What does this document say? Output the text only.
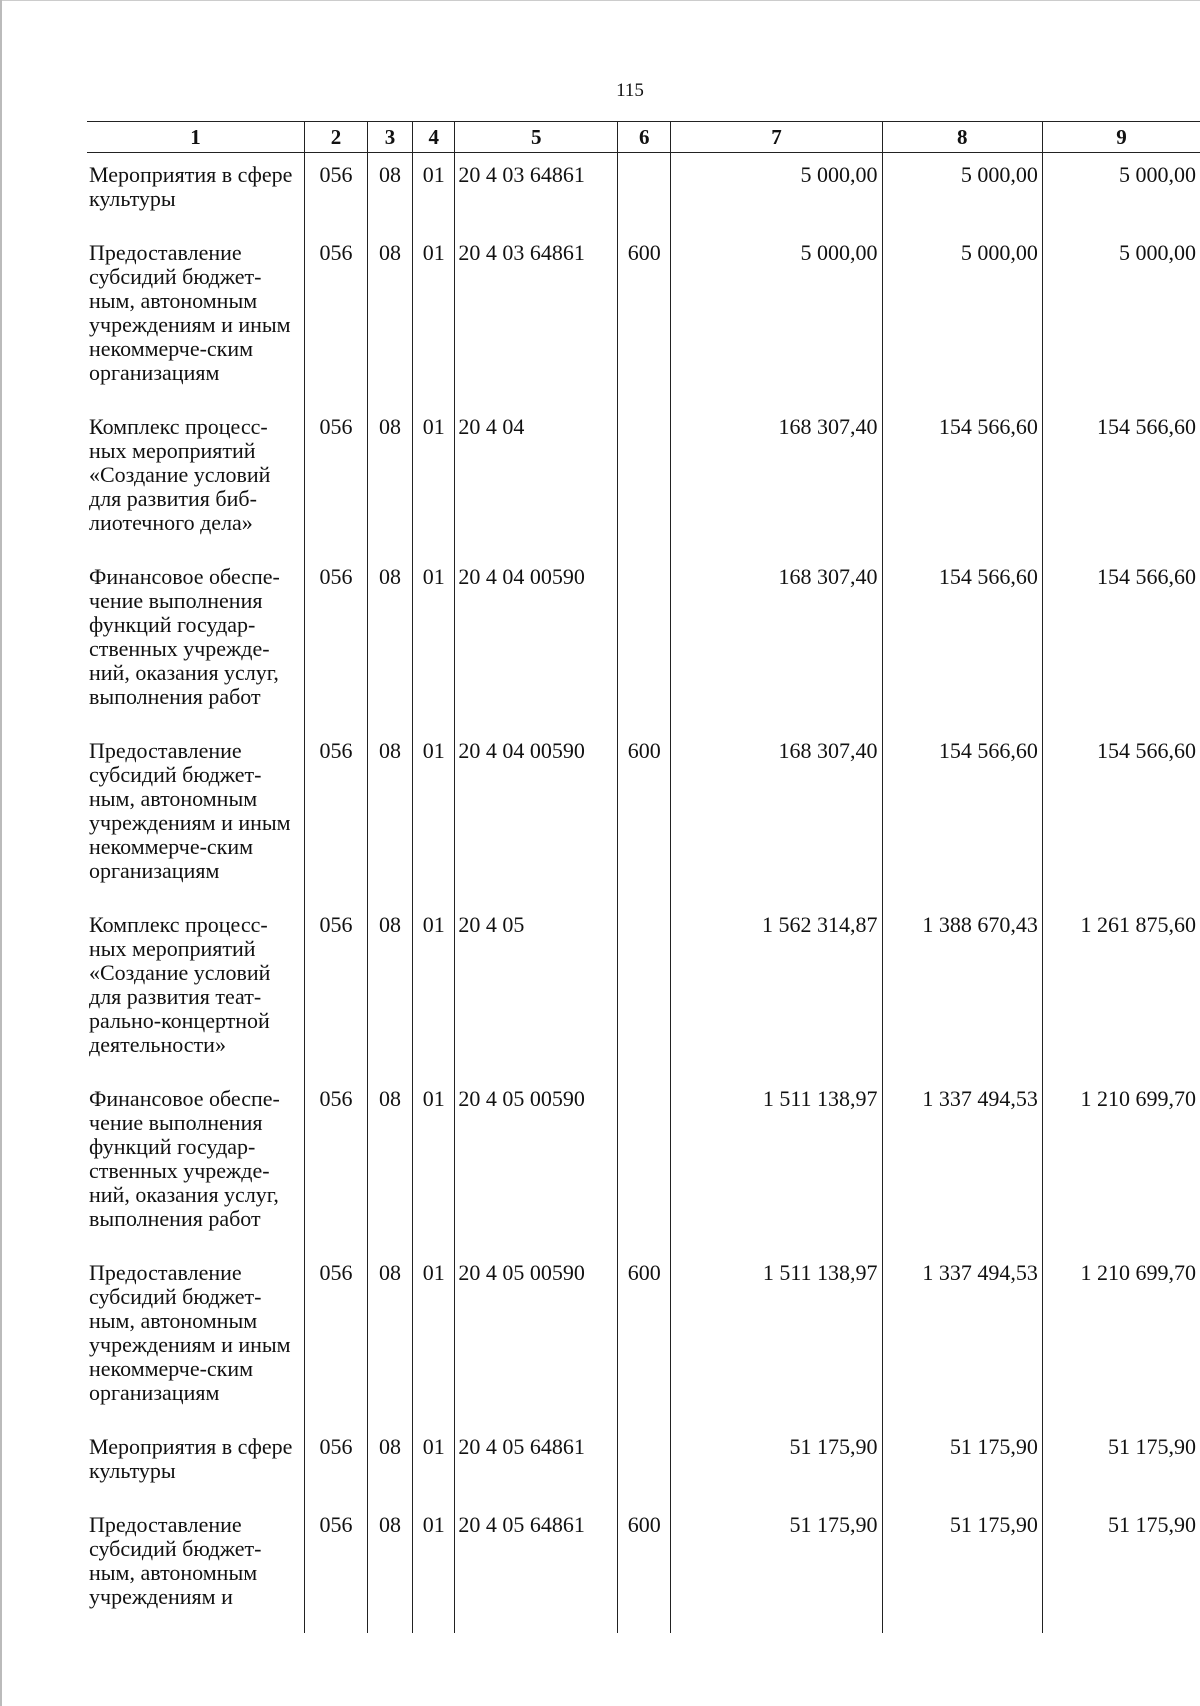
115
1	2	3	4	5	6	7	8	9
Мероприятия в сфере культуры	056	08	01	20 4 03 64861		5 000,00	5 000,00	5 000,00
Предоставление субсидий бюджет-ным, автономным учреждениям и иным некоммерче-ским организациям	056	08	01	20 4 03 64861	600	5 000,00	5 000,00	5 000,00
Комплекс процесс-ных мероприятий «Создание условий для развития биб-лиотечного дела»	056	08	01	20 4 04		168 307,40	154 566,60	154 566,60
Финансовое обеспе-чение выполнения функций государ-ственных учрежде-ний, оказания услуг, выполнения работ	056	08	01	20 4 04 00590		168 307,40	154 566,60	154 566,60
Предоставление субсидий бюджет-ным, автономным учреждениям и иным некоммерче-ским организациям	056	08	01	20 4 04 00590	600	168 307,40	154 566,60	154 566,60
Комплекс процесс-ных мероприятий «Создание условий для развития теат-рально-концертной деятельности»	056	08	01	20 4 05		1 562 314,87	1 388 670,43	1 261 875,60
Финансовое обеспе-чение выполнения функций государ-ственных учрежде-ний, оказания услуг, выполнения работ	056	08	01	20 4 05 00590		1 511 138,97	1 337 494,53	1 210 699,70
Предоставление субсидий бюджет-ным, автономным учреждениям и иным некоммерче-ским организациям	056	08	01	20 4 05 00590	600	1 511 138,97	1 337 494,53	1 210 699,70
Мероприятия в сфере культуры	056	08	01	20 4 05 64861		51 175,90	51 175,90	51 175,90
Предоставление субсидий бюджет-ным, автономным учреждениям и	056	08	01	20 4 05 64861	600	51 175,90	51 175,90	51 175,90
